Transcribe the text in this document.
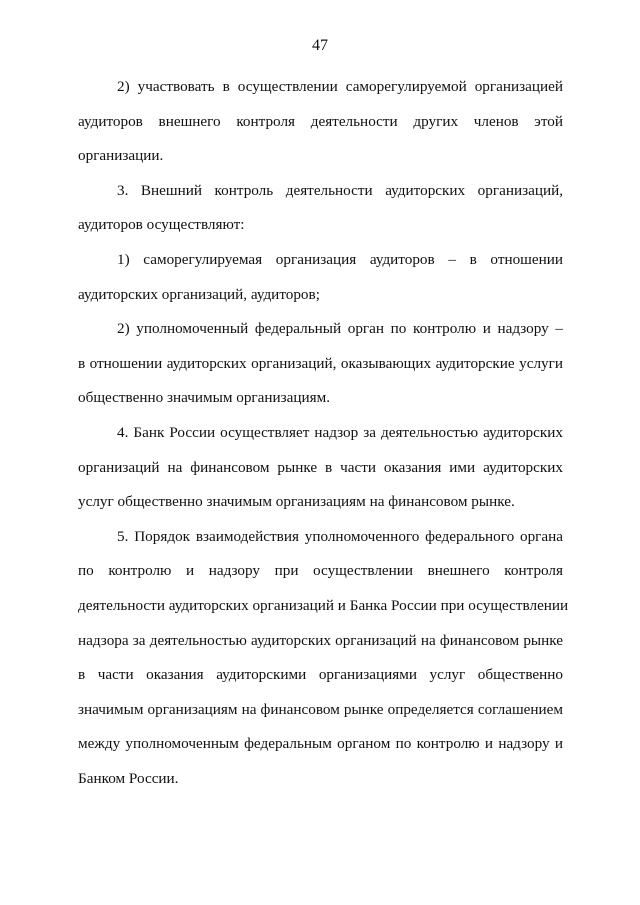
47

2) участвовать в осуществлении саморегулируемой организацией
аудиторов внешнего контроля деятельности других членов этой
организации.

3. Внешний контроль деятельности аудиторских организаций,
аудиторов осуществляют:

1) саморегулируемая организация аудиторов – в отношении
аудиторских организаций, аудиторов;

2) уполномоченный федеральный орган по контролю и надзору –
в отношении аудиторских организаций, оказывающих аудиторские услуги
общественно значимым организациям.

4. Банк России осуществляет надзор за деятельностью аудиторских
организаций на финансовом рынке в части оказания ими аудиторских
услуг общественно значимым организациям на финансовом рынке.

5. Порядок взаимодействия уполномоченного федерального органа
по контролю и надзору при осуществлении внешнего контроля
деятельности аудиторских организаций и Банка России при осуществлении
надзора за деятельностью аудиторских организаций на финансовом рынке
в части оказания аудиторскими организациями услуг общественно
значимым организациям на финансовом рынке определяется соглашением
между уполномоченным федеральным органом по контролю и надзору и
Банком России.
